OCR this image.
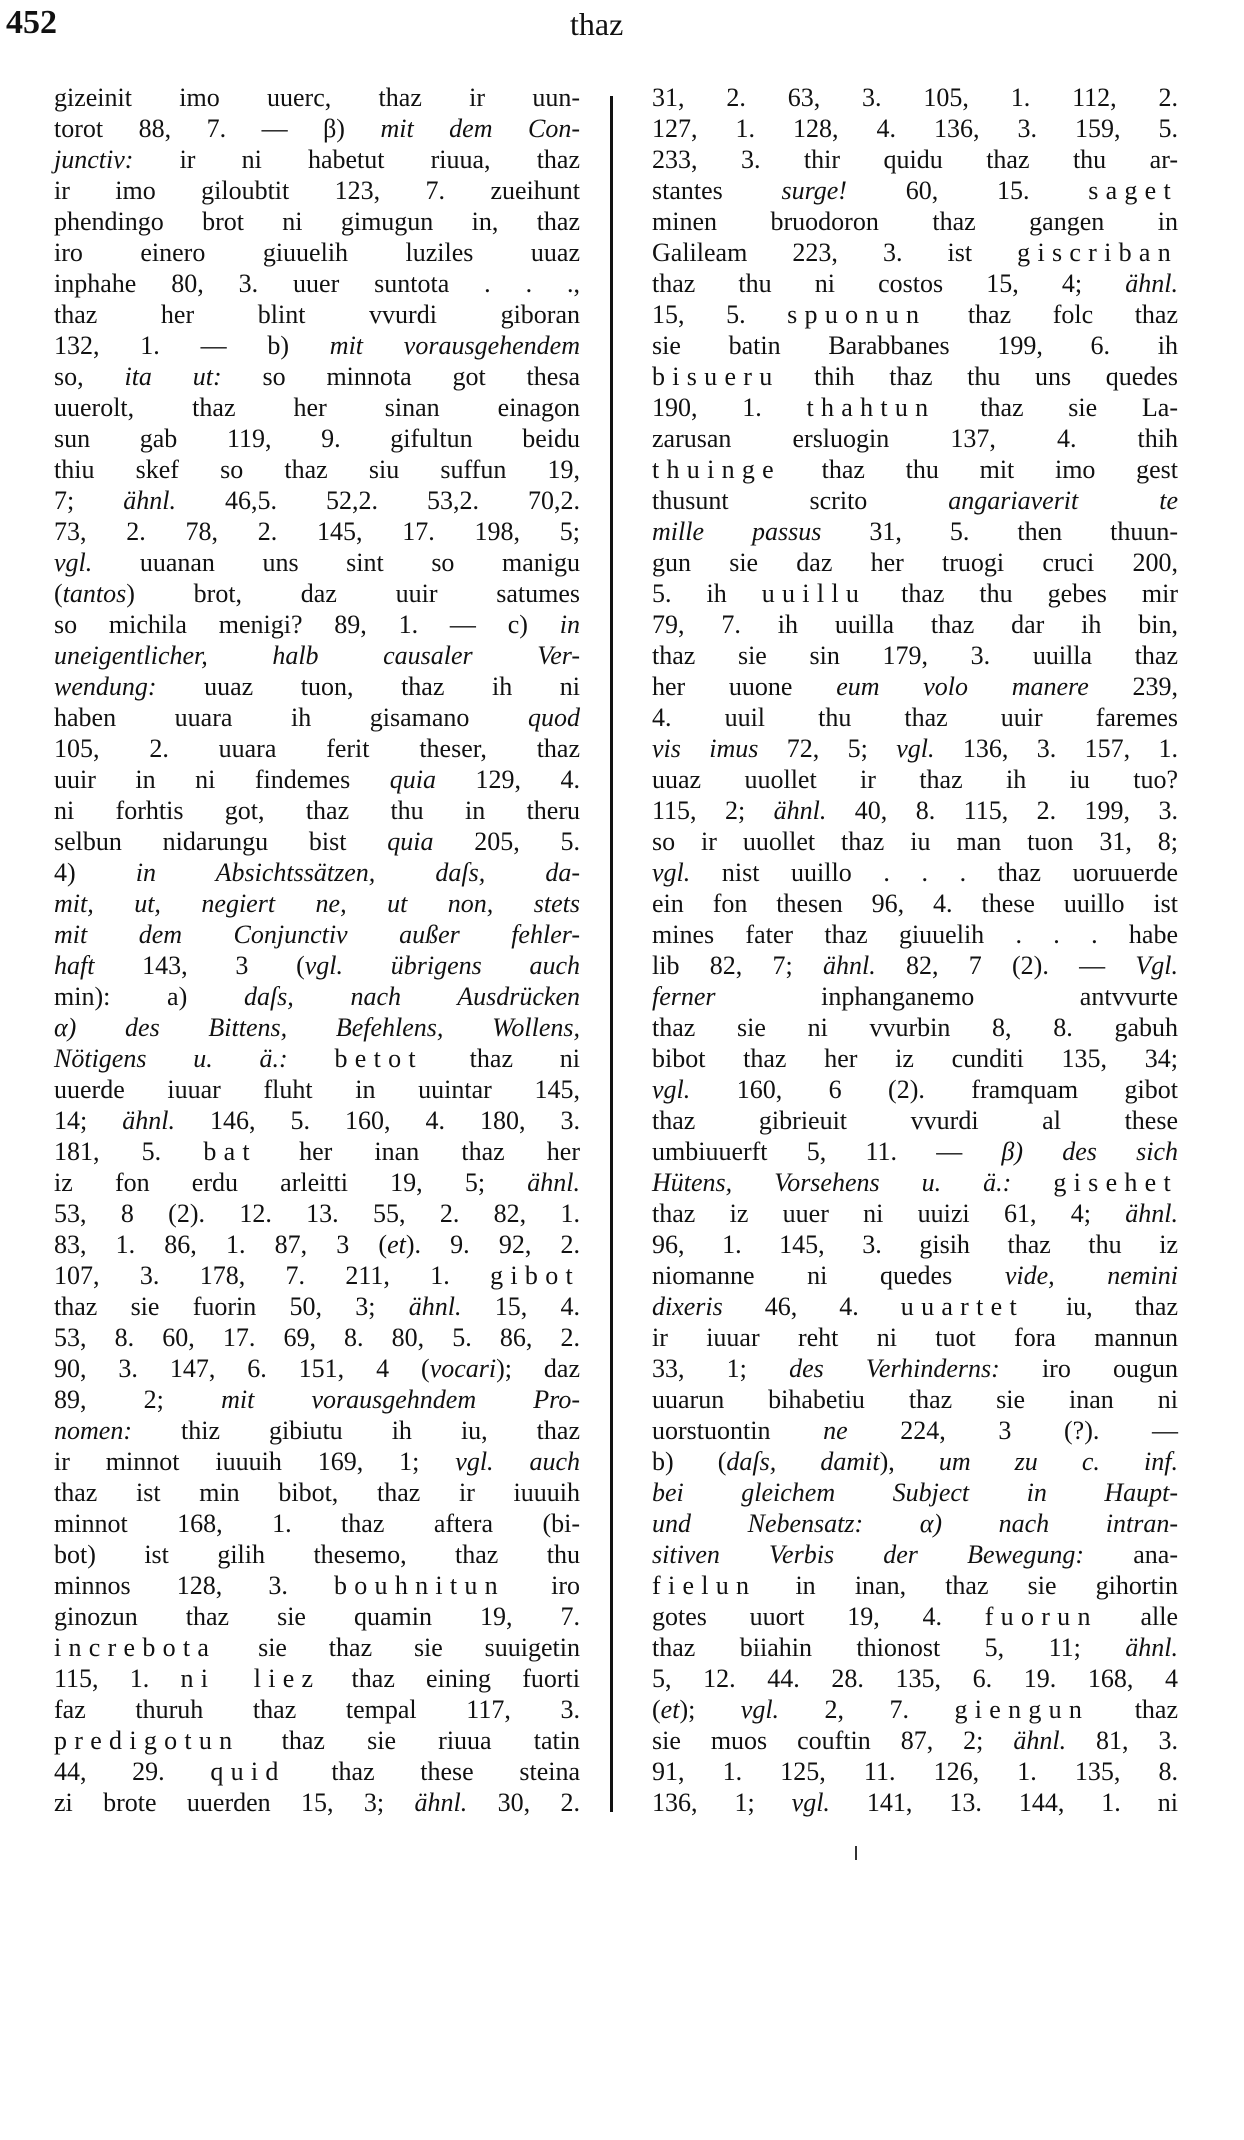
452	thaz
gizeinit imo uuerc, thaz ir uun-
torot 88, 7. — β) mit dem Con-
junctiv: ir ni habetut riuua, thaz
ir imo giloubtit 123, 7. zueihunt
phendingo brot ni gimugun in, thaz
iro einero giuuelih luziles uuaz
inphahe 80, 3. uuer suntota . . .,
thaz her blint vvurdi giboran
132, 1. — b) mit vorausgehendem
so, ita ut: so minnota got thesa
uuerolt, thaz her sinan einagon
sun gab 119, 9. gifultun beidu
thiu skef so thaz siu suffun 19,
7; ähnl. 46,5. 52,2. 53,2. 70,2.
73, 2. 78, 2. 145, 17. 198, 5;
vgl. uuanan uns sint so manigu
(tantos) brot, daz uuir satumes
so michila menigi? 89, 1. — c) in
uneigentlicher, halb causaler Ver-
wendung: uuaz tuon, thaz ih ni
haben uuara ih gisamano quod
105, 2. uuara ferit theser, thaz
uuir in ni findemes quia 129, 4.
ni forhtis got, thaz thu in theru
selbun nidarungu bist quia 205, 5.
4) in Absichtssätzen, daſs, da-
mit, ut, negiert ne, ut non, stets
mit dem Conjunctiv außer fehler-
haft 143, 3 (vgl. übrigens auch
min): a) daſs, nach Ausdrücken
α) des Bittens, Befehlens, Wollens,
Nötigens u. ä.: betot thaz ni
uuerde iuuar fluht in uuintar 145,
14; ähnl. 146, 5. 160, 4. 180, 3.
181, 5. bat her inan thaz her
iz fon erdu arleitti 19, 5; ähnl.
53, 8 (2). 12. 13. 55, 2. 82, 1.
83, 1. 86, 1. 87, 3 (et). 9. 92, 2.
107, 3. 178, 7. 211, 1. gibot
thaz sie fuorin 50, 3; ähnl. 15, 4.
53, 8. 60, 17. 69, 8. 80, 5. 86, 2.
90, 3. 147, 6. 151, 4 (vocari); daz
89, 2; mit vorausgehndem Pro-
nomen: thiz gibiutu ih iu, thaz
ir minnot iuuuih 169, 1; vgl. auch
thaz ist min bibot, thaz ir iuuuih
minnot 168, 1. thaz aftera (bi-
bot) ist gilih thesemo, thaz thu
minnos 128, 3. bouhnitun iro
ginozun thaz sie quamin 19, 7.
increbota sie thaz sie suuigetin
115, 1. ni liez thaz eining fuorti
faz thuruh thaz tempal 117, 3.
predigotun thaz sie riuua tatin
44, 29. quid thaz these steina
zi brote uuerden 15, 3; ähnl. 30, 2.
31, 2. 63, 3. 105, 1. 112, 2.
127, 1. 128, 4. 136, 3. 159, 5.
233, 3. thir quidu thaz thu ar-
stantes surge! 60, 15. saget
minen bruodoron thaz gangen in
Galileam 223, 3. ist giscriban
thaz thu ni costos 15, 4; ähnl.
15, 5. spuonun thaz folc thaz
sie batin Barabbanes 199, 6. ih
bisueru thih thaz thu uns quedes
190, 1. thahtun thaz sie La-
zarusan ersluogin 137, 4. thih
thuinge thaz thu mit imo gest
thusunt scrito angariaverit te
mille passus 31, 5. then thuun-
gun sie daz her truogi cruci 200,
5. ih uuillu thaz thu gebes mir
79, 7. ih uuilla thaz dar ih bin,
thaz sie sin 179, 3. uuilla thaz
her uuone eum volo manere 239,
4. uuil thu thaz uuir faremes
vis imus 72, 5; vgl. 136, 3. 157, 1.
uuaz uuollet ir thaz ih iu tuo?
115, 2; ähnl. 40, 8. 115, 2. 199, 3.
so ir uuollet thaz iu man tuon 31, 8;
vgl. nist uuillo . . . thaz uoruuerde
ein fon thesen 96, 4. these uuillo ist
mines fater thaz giuuelih . . . habe
lib 82, 7; ähnl. 82, 7 (2). — Vgl.
ferner inphanganemo antvvurte
thaz sie ni vvurbin 8, 8. gabuh
bibot thaz her iz cunditi 135, 34;
vgl. 160, 6 (2). framquam gibot
thaz gibrieuit vvurdi al these
umbiuuerft 5, 11. — β) des sich
Hütens, Vorsehens u. ä.: gisehet
thaz iz uuer ni uuizi 61, 4; ähnl.
96, 1. 145, 3. gisih thaz thu iz
niomanne ni quedes vide, nemini
dixeris 46, 4. uuartet iu, thaz
ir iuuar reht ni tuot fora mannun
33, 1; des Verhinderns: iro ougun
uuarun bihabetiu thaz sie inan ni
uorstuontin ne 224, 3 (?). —
b) (daſs, damit), um zu c. inf.
bei gleichem Subject in Haupt-
und Nebensatz: α) nach intran-
sitiven Verbis der Bewegung: ana-
fielun in inan, thaz sie gihortin
gotes uuort 19, 4. fuorun alle
thaz biiahin thionost 5, 11; ähnl.
5, 12. 44. 28. 135, 6. 19. 168, 4
(et); vgl. 2, 7. giengun thaz
sie muos couftin 87, 2; ähnl. 81, 3.
91, 1. 125, 11. 126, 1. 135, 8.
136, 1; vgl. 141, 13. 144, 1. ni
